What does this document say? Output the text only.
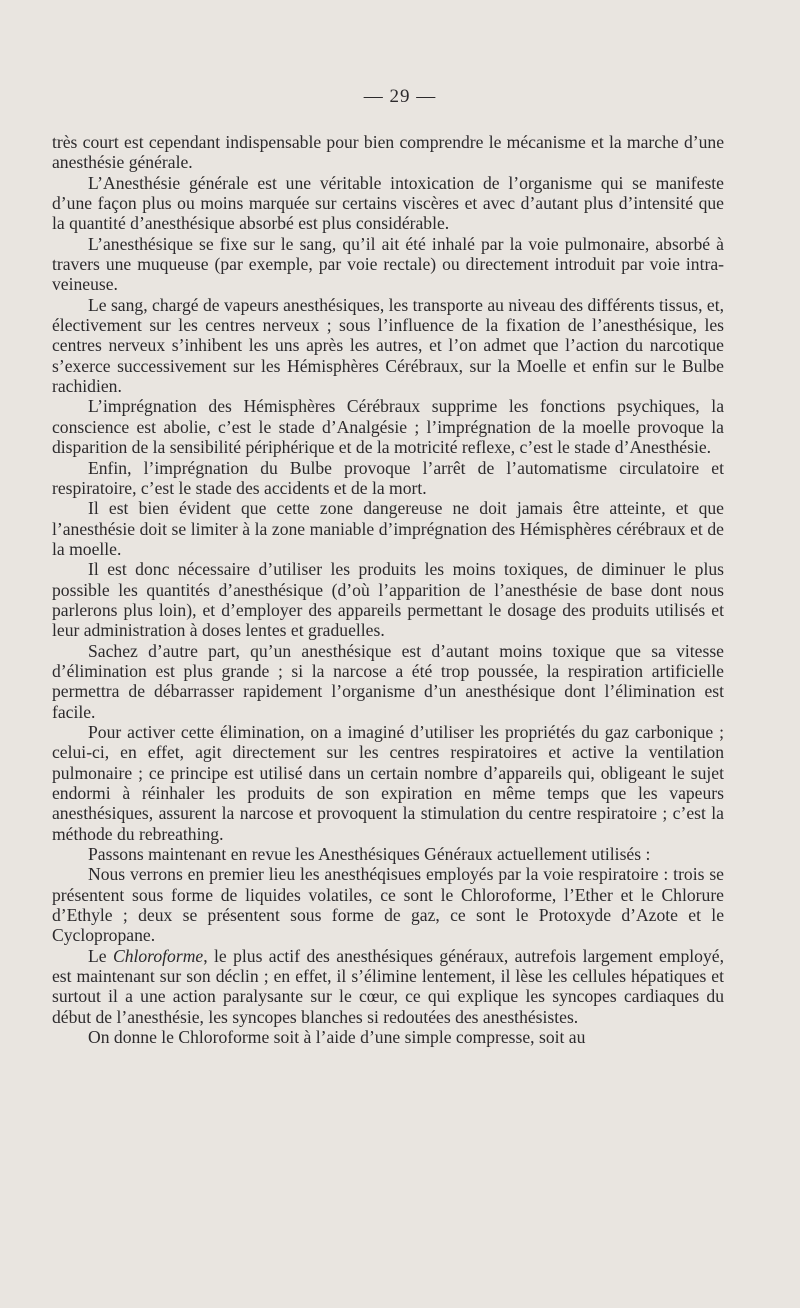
— 29 —

très court est cependant indispensable pour bien comprendre le mécanisme et la marche d’une anesthésie générale.

L’Anesthésie générale est une véritable intoxication de l’organisme qui se manifeste d’une façon plus ou moins marquée sur certains viscères et avec d’autant plus d’intensité que la quantité d’anesthésique absorbé est plus considérable.

L’anesthésique se fixe sur le sang, qu’il ait été inhalé par la voie pulmonaire, absorbé à travers une muqueuse (par exemple, par voie rectale) ou directement introduit par voie intra-veineuse.

Le sang, chargé de vapeurs anesthésiques, les transporte au niveau des différents tissus, et, électivement sur les centres nerveux ; sous l’influence de la fixation de l’anesthésique, les centres nerveux s’inhibent les uns après les autres, et l’on admet que l’action du narcotique s’exerce successivement sur les Hémisphères Cérébraux, sur la Moelle et enfin sur le Bulbe rachidien.

L’imprégnation des Hémisphères Cérébraux supprime les fonctions psychiques, la conscience est abolie, c’est le stade d’Analgésie ; l’imprégnation de la moelle provoque la disparition de la sensibilité périphérique et de la motricité reflexe, c’est le stade d’Anesthésie.

Enfin, l’imprégnation du Bulbe provoque l’arrêt de l’automatisme circulatoire et respiratoire, c’est le stade des accidents et de la mort.

Il est bien évident que cette zone dangereuse ne doit jamais être atteinte, et que l’anesthésie doit se limiter à la zone maniable d’imprégnation des Hémisphères cérébraux et de la moelle.

Il est donc nécessaire d’utiliser les produits les moins toxiques, de diminuer le plus possible les quantités d’anesthésique (d’où l’apparition de l’anesthésie de base dont nous parlerons plus loin), et d’employer des appareils permettant le dosage des produits utilisés et leur administration à doses lentes et graduelles.

Sachez d’autre part, qu’un anesthésique est d’autant moins toxique que sa vitesse d’élimination est plus grande ; si la narcose a été trop poussée, la respiration artificielle permettra de débarrasser rapidement l’organisme d’un anesthésique dont l’élimination est facile.

Pour activer cette élimination, on a imaginé d’utiliser les propriétés du gaz carbonique ; celui-ci, en effet, agit directement sur les centres respiratoires et active la ventilation pulmonaire ; ce principe est utilisé dans un certain nombre d’appareils qui, obligeant le sujet endormi à réinhaler les produits de son expiration en même temps que les vapeurs anesthésiques, assurent la narcose et provoquent la stimulation du centre respiratoire ; c’est la méthode du rebreathing.

Passons maintenant en revue les Anesthésiques Généraux actuellement utilisés :

Nous verrons en premier lieu les anesthéqisues employés par la voie respiratoire : trois se présentent sous forme de liquides volatiles, ce sont le Chloroforme, l’Ether et le Chlorure d’Ethyle ; deux se présentent sous forme de gaz, ce sont le Protoxyde d’Azote et le Cyclopropane.

Le Chloroforme, le plus actif des anesthésiques généraux, autrefois largement employé, est maintenant sur son déclin ; en effet, il s’élimine lentement, il lèse les cellules hépatiques et surtout il a une action paralysante sur le cœur, ce qui explique les syncopes cardiaques du début de l’anesthésie, les syncopes blanches si redoutées des anesthésistes.

On donne le Chloroforme soit à l’aide d’une simple compresse, soit au
